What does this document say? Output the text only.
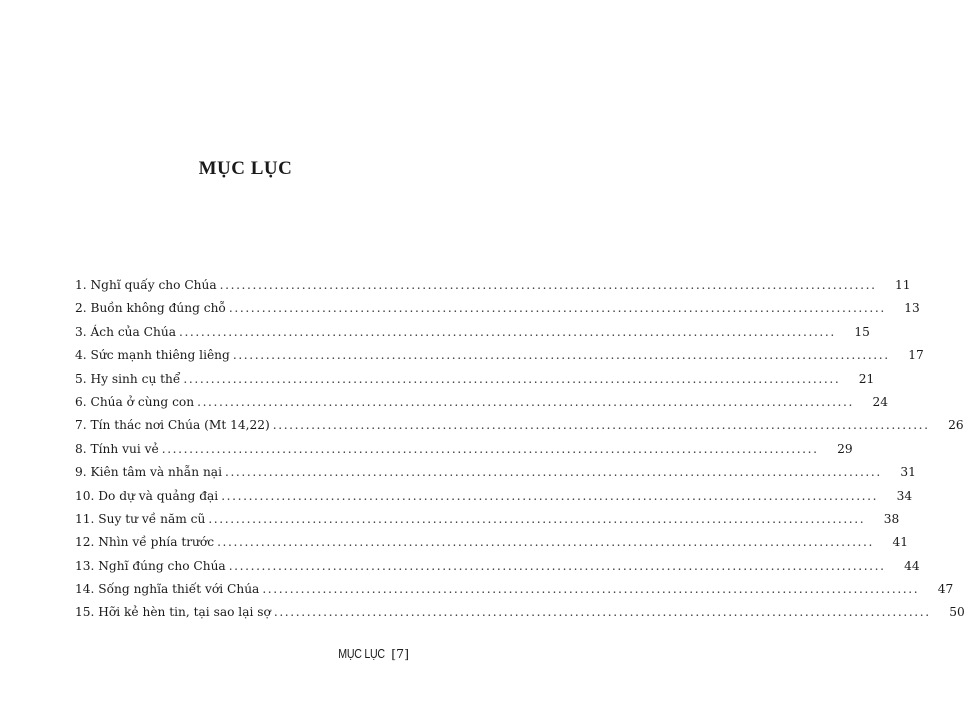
MỤC LỤC
1. Nghĩ quấy cho Chúa ........................................................................................................................	11
2. Buồn không đúng chỗ ........................................................................................................................	13
3. Ách của Chúa ........................................................................................................................	15
4. Sức mạnh thiêng liêng ........................................................................................................................	17
5. Hy sinh cụ thể ........................................................................................................................	21
6. Chúa ở cùng con ........................................................................................................................	24
7. Tín thác nơi Chúa (Mt 14,22) ........................................................................................................................	26
8. Tính vui vẻ ........................................................................................................................	29
9. Kiên tâm và nhẫn nại ........................................................................................................................	31
10. Do dự và quảng đại ........................................................................................................................	34
11. Suy tư về năm cũ ........................................................................................................................	38
12. Nhìn về phía trước ........................................................................................................................	41
13. Nghĩ đúng cho Chúa ........................................................................................................................	44
14. Sống nghĩa thiết với Chúa ........................................................................................................................	47
15. Hỡi kẻ hèn tin, tại sao lại sợ ........................................................................................................................	50
MỤC LỤC [7]
